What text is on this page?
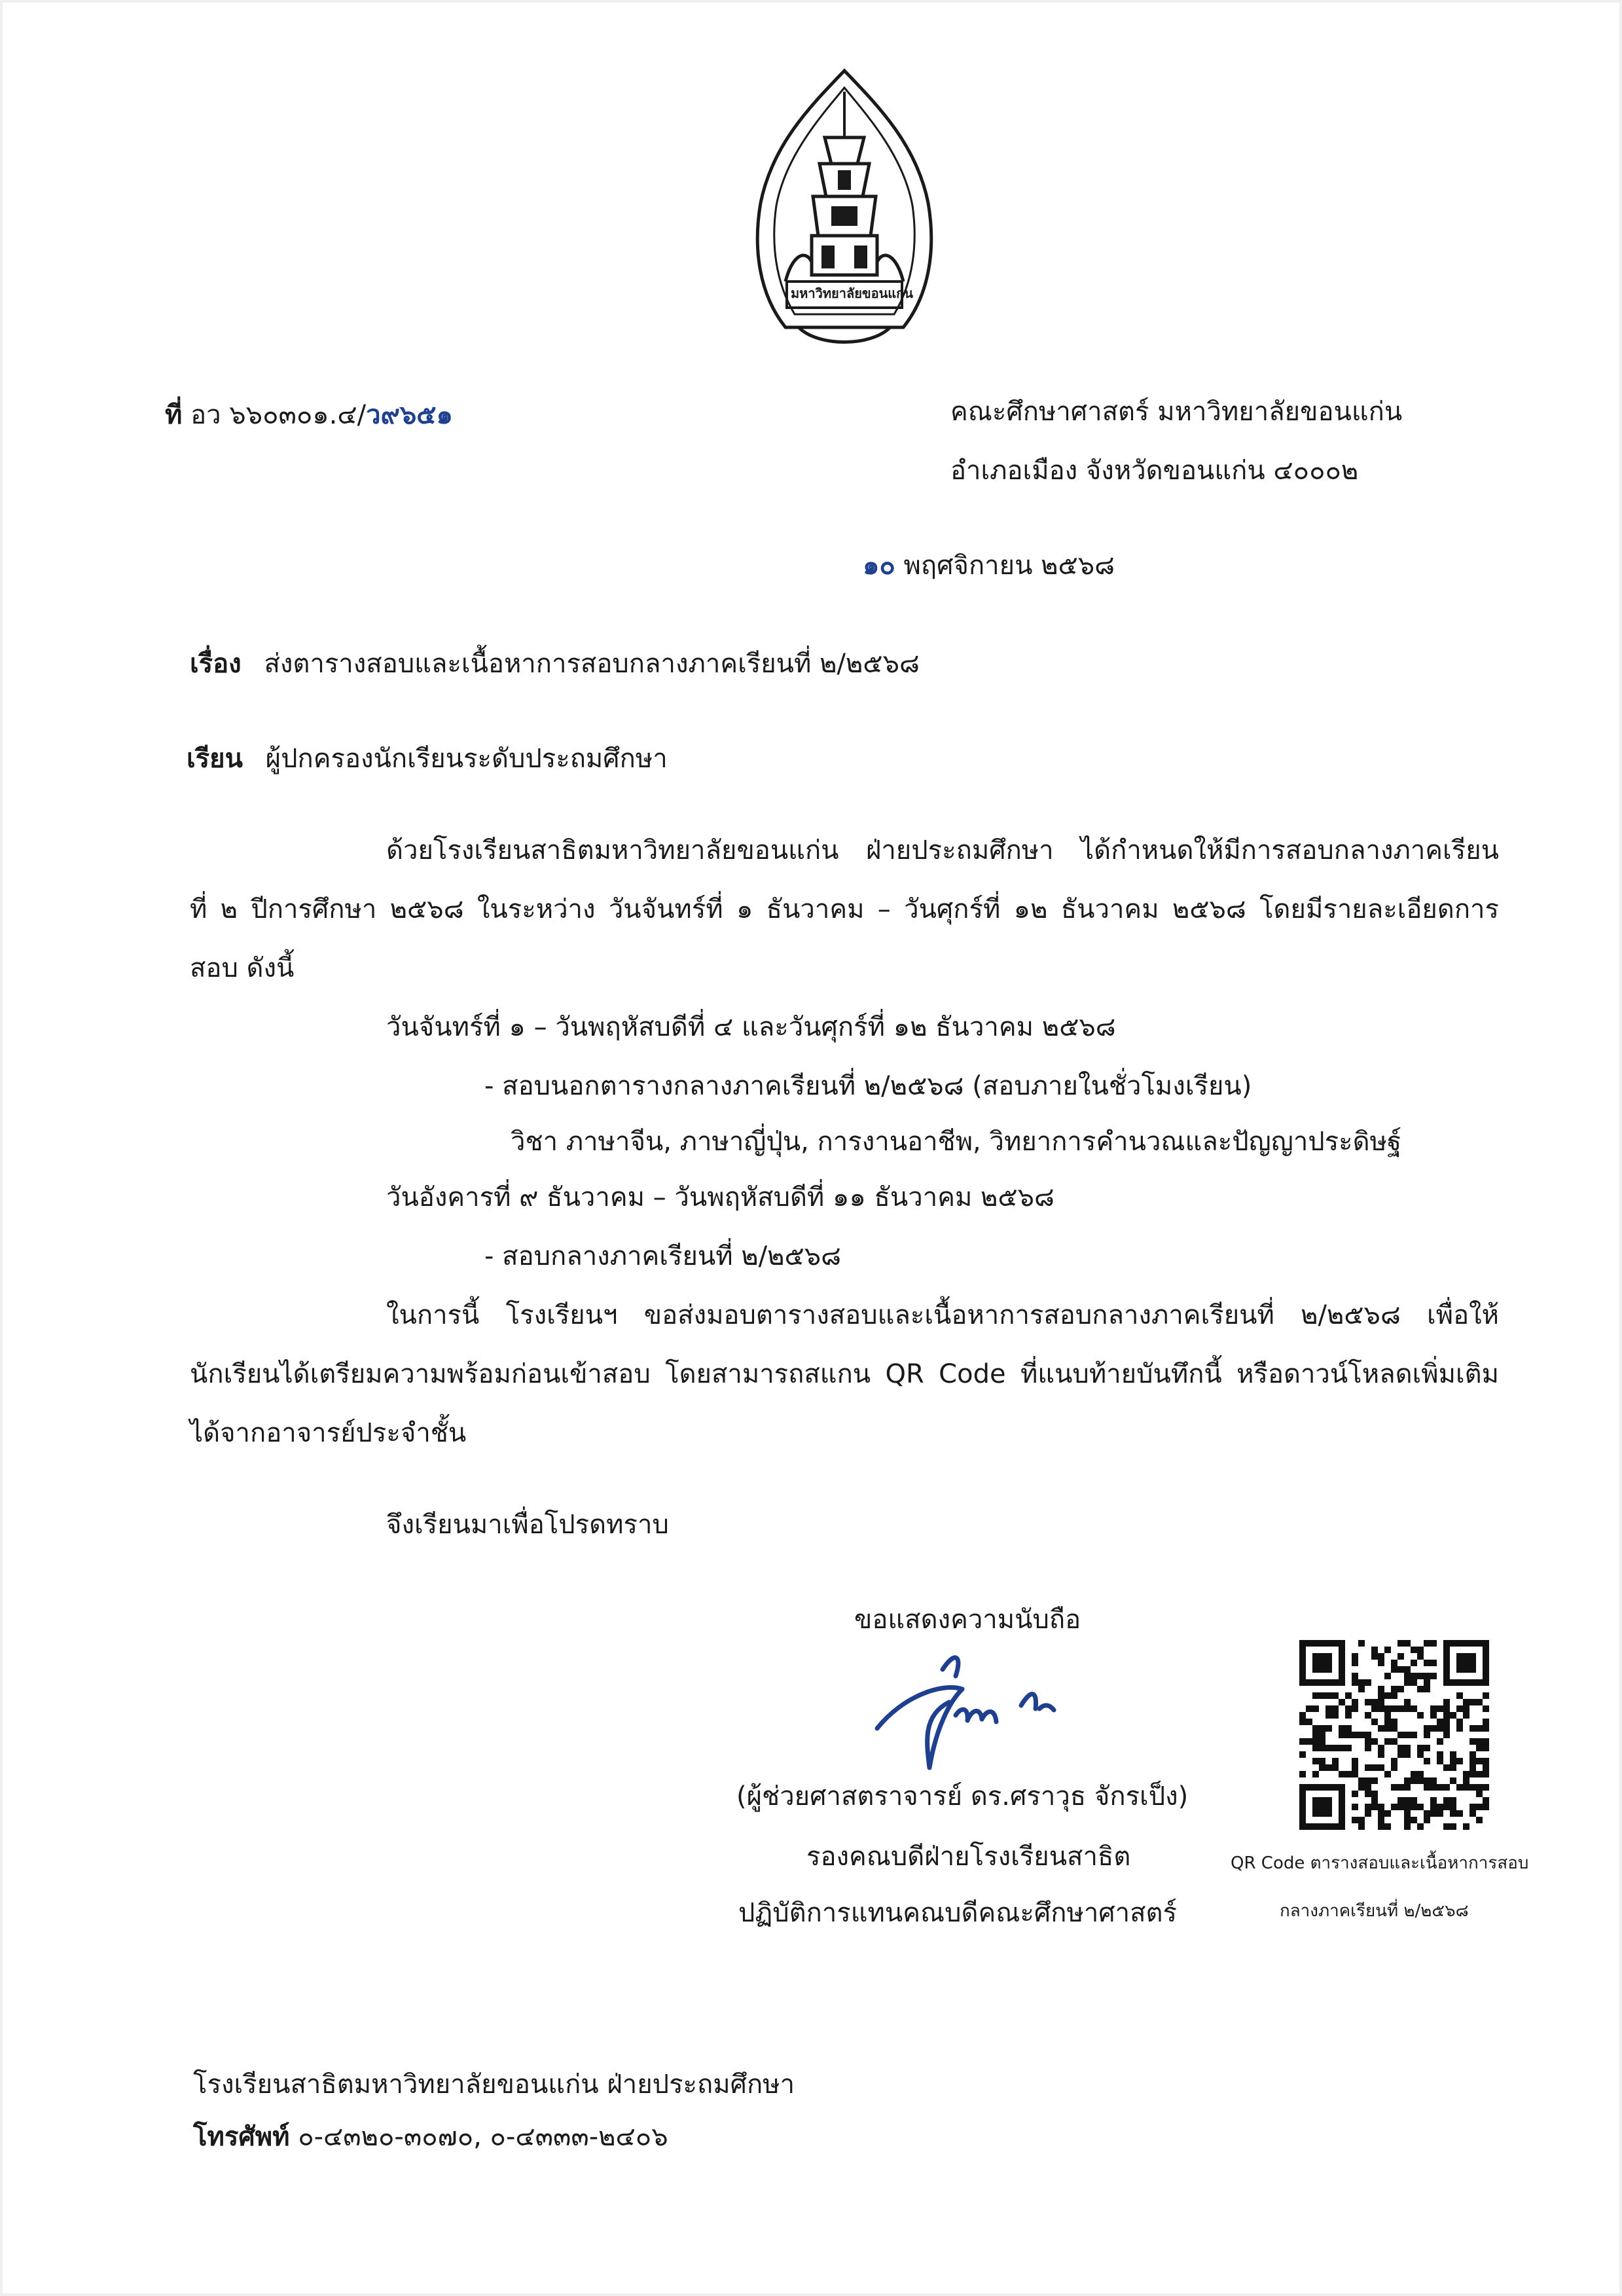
มหาวิทยาลัยขอนแก่น
ที่ อว ๖๖๐๓๐๑.๔/ว๙๖๕๑	คณะศึกษาศาสตร์ มหาวิทยาลัยขอนแก่น
อำเภอเมือง จังหวัดขอนแก่น ๔๐๐๐๒
๑๐ พฤศจิกายน ๒๕๖๘
เรื่อง ส่งตารางสอบและเนื้อหาการสอบกลางภาคเรียนที่ ๒/๒๕๖๘
เรียน ผู้ปกครองนักเรียนระดับประถมศึกษา
ด้วยโรงเรียนสาธิตมหาวิทยาลัยขอนแก่น ฝ่ายประถมศึกษา ได้กำหนดให้มีการสอบกลางภาคเรียน
ที่ ๒ ปีการศึกษา ๒๕๖๘ ในระหว่าง วันจันทร์ที่ ๑ ธันวาคม – วันศุกร์ที่ ๑๒ ธันวาคม ๒๕๖๘ โดยมีรายละเอียดการ
สอบ ดังนี้
วันจันทร์ที่ ๑ – วันพฤหัสบดีที่ ๔ และวันศุกร์ที่ ๑๒ ธันวาคม ๒๕๖๘
- สอบนอกตารางกลางภาคเรียนที่ ๒/๒๕๖๘ (สอบภายในชั่วโมงเรียน)
วิชา ภาษาจีน, ภาษาญี่ปุ่น, การงานอาชีพ, วิทยาการคำนวณและปัญญาประดิษฐ์
วันอังคารที่ ๙ ธันวาคม – วันพฤหัสบดีที่ ๑๑ ธันวาคม ๒๕๖๘
- สอบกลางภาคเรียนที่ ๒/๒๕๖๘
ในการนี้ โรงเรียนฯ ขอส่งมอบตารางสอบและเนื้อหาการสอบกลางภาคเรียนที่ ๒/๒๕๖๘ เพื่อให้
นักเรียนได้เตรียมความพร้อมก่อนเข้าสอบ โดยสามารถสแกน QR Code ที่แนบท้ายบันทึกนี้ หรือดาวน์โหลดเพิ่มเติม
ได้จากอาจารย์ประจำชั้น
จึงเรียนมาเพื่อโปรดทราบ
ขอแสดงความนับถือ
(ผู้ช่วยศาสตราจารย์ ดร.ศราวุธ จักรเป็ง)
รองคณบดีฝ่ายโรงเรียนสาธิต
ปฏิบัติการแทนคณบดีคณะศึกษาศาสตร์
QR Code ตารางสอบและเนื้อหาการสอบ
กลางภาคเรียนที่ ๒/๒๕๖๘
โรงเรียนสาธิตมหาวิทยาลัยขอนแก่น ฝ่ายประถมศึกษา
โทรศัพท์ ๐-๔๓๒๐-๓๐๗๐, ๐-๔๓๓๓-๒๔๐๖
